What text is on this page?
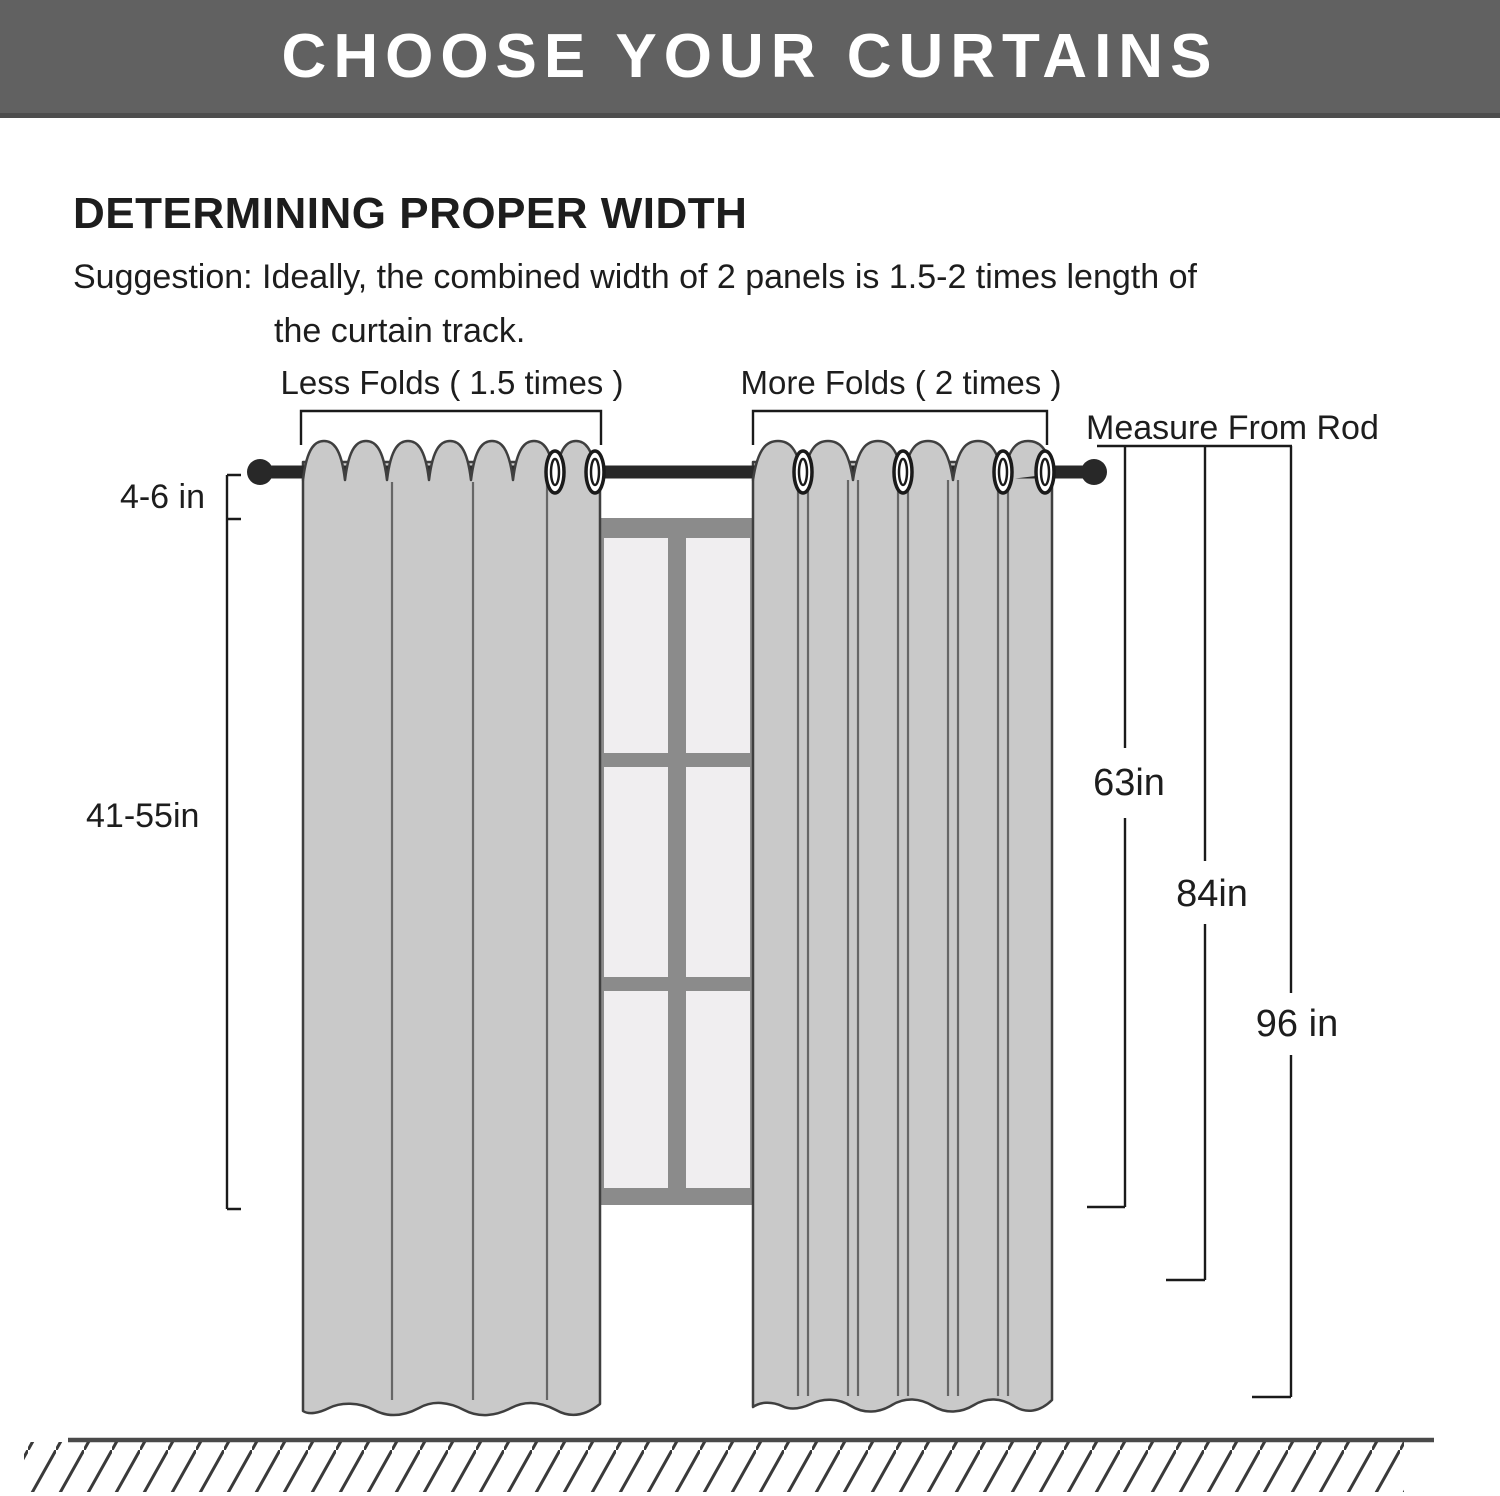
CHOOSE YOUR CURTAINS
DETERMINING PROPER WIDTH

Suggestion: Ideally, the combined width of 2 panels is 1.5-2 times length of

the curtain track.

Less Folds ( 1.5 times )	More Folds ( 2 times )
Measure From Rod
4-6 in
41-55in
63in
84in
96 in
